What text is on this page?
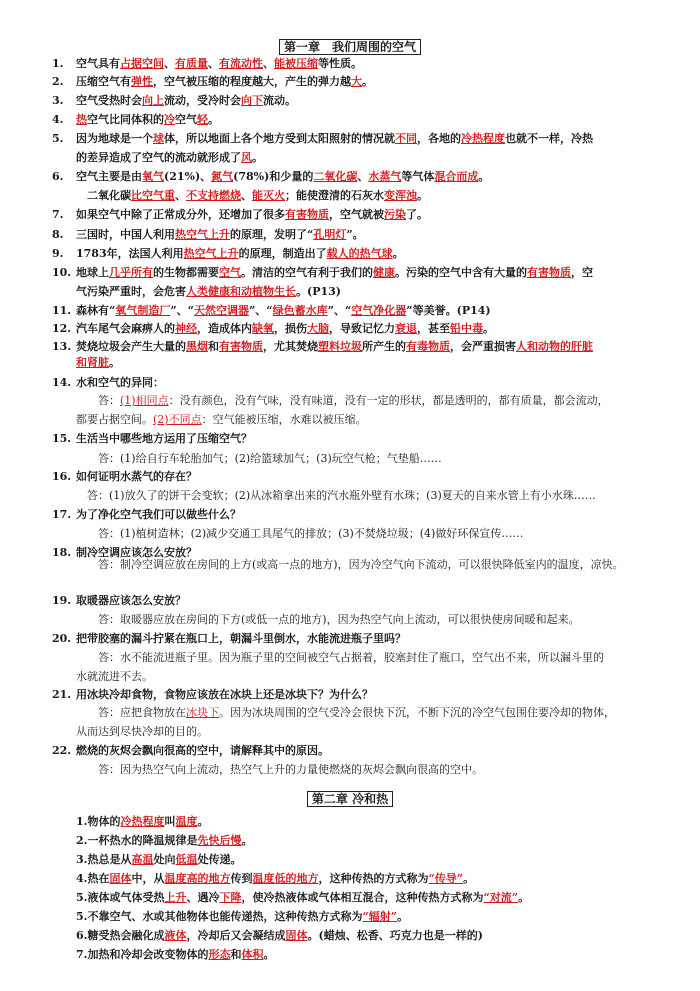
第一章　我们周围的空气
1. 空气具有占据空间、有质量、有流动性、能被压缩等性质。
2. 压缩空气有弹性，空气被压缩的程度越大，产生的弹力越大。
3. 空气受热时会向上流动，受冷时会向下流动。
4. 热空气比同体积的冷空气轻。
5. 因为地球是一个球体，所以地面上各个地方受到太阳照射的情况就不同，各地的冷热程度也就不一样，冷热
的差异造成了空气的流动就形成了风。
6. 空气主要是由氧气(21%)、氮气(78%)和少量的二氧化碳、水蒸气等气体混合而成。
　二氧化碳比空气重、不支持燃烧、能灭火；能使澄清的石灰水变浑浊。
7. 如果空气中除了正常成分外，还增加了很多有害物质，空气就被污染了。
8. 三国时，中国人利用热空气上升的原理，发明了“孔明灯”。
9. 1783年，法国人利用热空气上升的原理，制造出了载人的热气球。
10. 地球上几乎所有的生物都需要空气。清洁的空气有利于我们的健康。污染的空气中含有大量的有害物质，空
气污染严重时，会危害人类健康和动植物生长。(P13)
11. 森林有“氧气制造厂”、“天然空调器”、“绿色蓄水库”、“空气净化器”等美誉。(P14)
12. 汽车尾气会麻痹人的神经，造成体内缺氧，损伤大脑，导致记忆力衰退，甚至铅中毒。
13. 焚烧垃圾会产生大量的黑烟和有害物质，尤其焚烧塑料垃圾所产生的有毒物质，会严重损害人和动物的肝脏
和肾脏。
14. 水和空气的异同：
　　答：(1)相同点：没有颜色，没有气味，没有味道，没有一定的形状，都是透明的，都有质量，都会流动，
都要占据空间。(2)不同点：空气能被压缩，水难以被压缩。
15. 生活当中哪些地方运用了压缩空气？
　　答：(1)给自行车轮胎加气；(2)给篮球加气；(3)玩空气枪；气垫船……
16. 如何证明水蒸气的存在？
　答：(1)放久了的饼干会变软；(2)从冰箱拿出来的汽水瓶外壁有水珠；(3)夏天的自来水管上有小水珠……
17. 为了净化空气我们可以做些什么？
　　答：(1)植树造林；(2)减少交通工具尾气的排放；(3)不焚烧垃圾；(4)做好环保宣传……
18. 制冷空调应该怎么安放？
　　答：制冷空调应放在房间的上方(或高一点的地方)，因为冷空气向下流动，可以很快降低室内的温度，凉快。
19. 取暖器应该怎么安放？
　　答：取暖器应放在房间的下方(或低一点的地方)，因为热空气向上流动，可以很快使房间暖和起来。
20. 把带胶塞的漏斗拧紧在瓶口上，朝漏斗里倒水，水能流进瓶子里吗？
　　答：水不能流进瓶子里。因为瓶子里的空间被空气占据着，胶塞封住了瓶口，空气出不来，所以漏斗里的
水就流进不去。
21. 用冰块冷却食物，食物应该放在冰块上还是冰块下？为什么？
　　答：应把食物放在冰块下。因为冰块周围的空气受冷会很快下沉，不断下沉的冷空气包围住要冷却的物体，
从而达到尽快冷却的目的。
22. 燃烧的灰烬会飘向很高的空中，请解释其中的原因。
　　答：因为热空气向上流动，热空气上升的力量使燃烧的灰烬会飘向很高的空中。
第二章 冷和热
1.物体的冷热程度叫温度。
2.一杯热水的降温规律是先快后慢。
3.热总是从高温处向低温处传递。
4.热在固体中，从温度高的地方传到温度低的地方，这种传热的方式称为“传导”。
5.液体或气体受热上升、遇冷下降，使冷热液体或气体相互混合，这种传热方式称为“对流”。
5.不靠空气、水或其他物体也能传递热，这种传热方式称为“辐射”。
6.糖受热会融化成液体，冷却后又会凝结成固体。(蜡烛、松香、巧克力也是一样的)
7.加热和冷却会改变物体的形态和体积。
